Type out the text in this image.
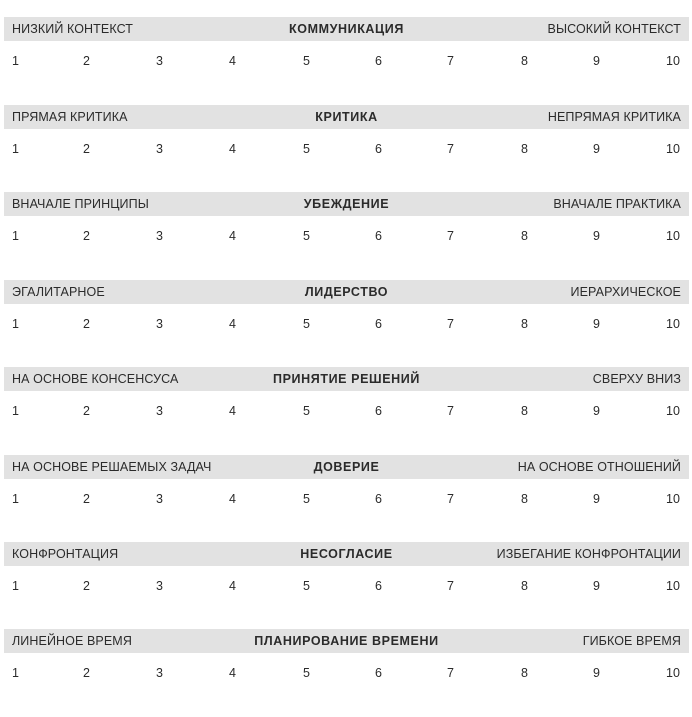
НИЗКИЙ КОНТЕКСТ	КОММУНИКАЦИЯ	ВЫСОКИЙ КОНТЕКСТ
1	2	3	4	5	6	7	8	9	10
ПРЯМАЯ КРИТИКА	КРИТИКА	НЕПРЯМАЯ КРИТИКА
1	2	3	4	5	6	7	8	9	10
ВНАЧАЛЕ ПРИНЦИПЫ	УБЕЖДЕНИЕ	ВНАЧАЛЕ ПРАКТИКА
1	2	3	4	5	6	7	8	9	10
ЭГАЛИТАРНОЕ	ЛИДЕРСТВО	ИЕРАРХИЧЕСКОЕ
1	2	3	4	5	6	7	8	9	10
НА ОСНОВЕ КОНСЕНСУСА	ПРИНЯТИЕ РЕШЕНИЙ	СВЕРХУ ВНИЗ
1	2	3	4	5	6	7	8	9	10
НА ОСНОВЕ РЕШАЕМЫХ ЗАДАЧ	ДОВЕРИЕ	НА ОСНОВЕ ОТНОШЕНИЙ
1	2	3	4	5	6	7	8	9	10
КОНФРОНТАЦИЯ	НЕСОГЛАСИЕ	ИЗБЕГАНИЕ КОНФРОНТАЦИИ
1	2	3	4	5	6	7	8	9	10
ЛИНЕЙНОЕ ВРЕМЯ	ПЛАНИРОВАНИЕ ВРЕМЕНИ	ГИБКОЕ ВРЕМЯ
1	2	3	4	5	6	7	8	9	10
